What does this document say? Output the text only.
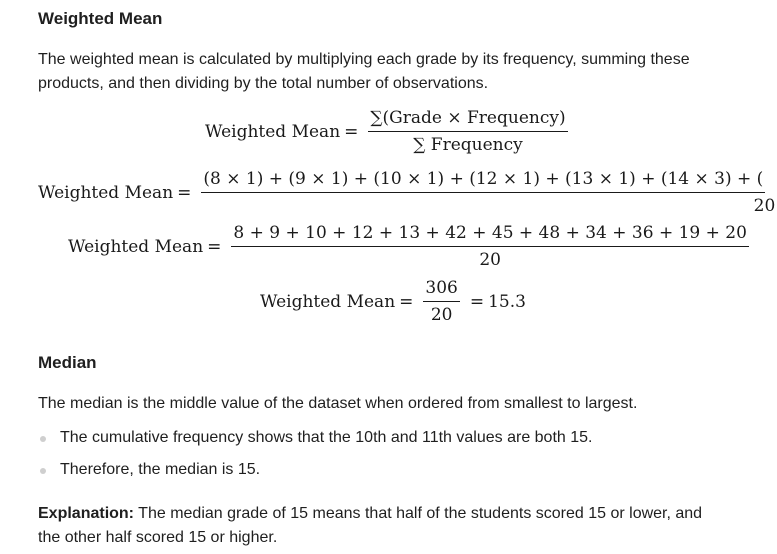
Weighted Mean

The weighted mean is calculated by multiplying each grade by its frequency, summing these products, and then dividing by the total number of observations.

Weighted Mean = $\frac{\text{∑(Grade × Frequency)}}{\text{∑ Frequency}}$
Weighted Mean =
(8 × 1) + (9 × 1) + (10 × 1) + (12 × 1) + (13 × 1) + (14 × 3) + (
20
Weighted Mean = $\frac{8 + 9 + 10 + 12 + 13 + 42 + 45 + 48 + 34 + 36 + 19 + 20}{20}$
Weighted Mean = $\frac{306}{20} = 15.3$
Median

The median is the middle value of the dataset when ordered from smallest to largest.

The cumulative frequency shows that the 10th and 11th values are both 15.
Therefore, the median is 15.

Explanation: The median grade of 15 means that half of the students scored 15 or lower, and the other half scored 15 or higher.
